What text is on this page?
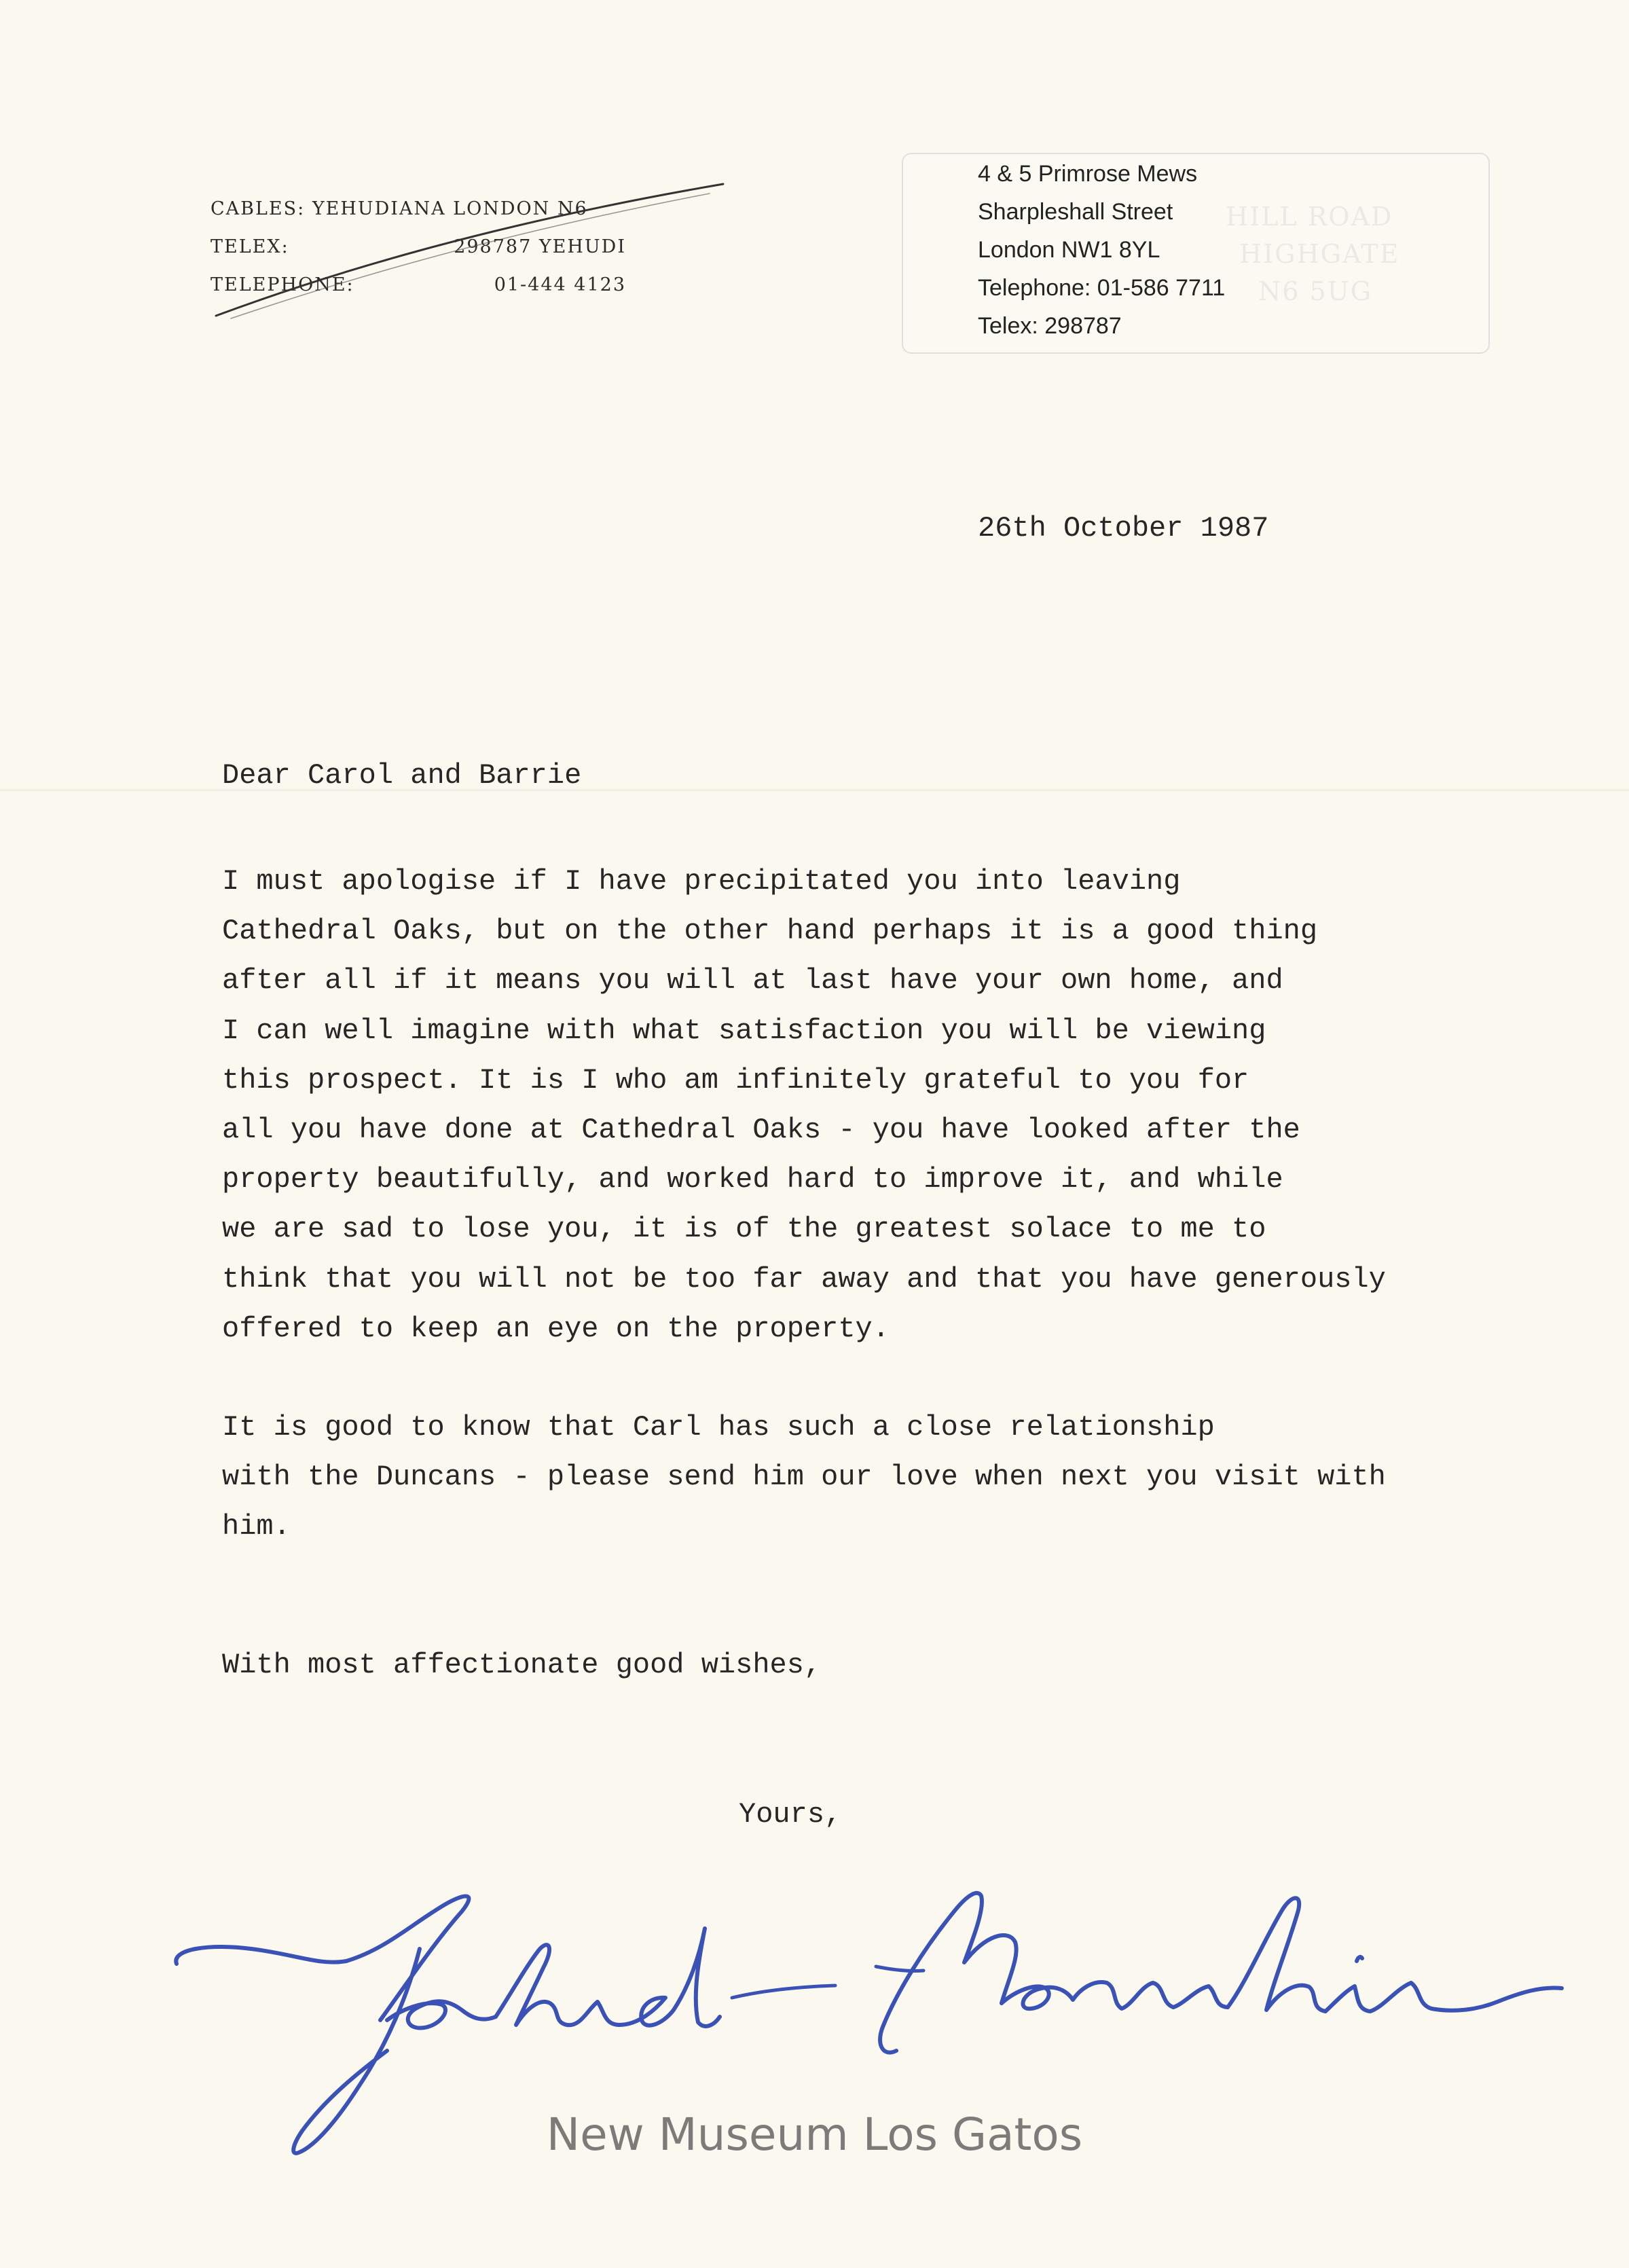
CABLES: YEHUDIANA LONDON N6
TELEX:	298787 YEHUDI
TELEPHONE:	01-444 4123
HILL ROAD
HIGHGATE
N6 5UG
4 & 5 Primrose Mews
Sharpleshall Street
London NW1 8YL
Telephone: 01-586 7711
Telex: 298787
26th October 1987
Dear Carol and Barrie
I must apologise if I have precipitated you into leaving
Cathedral Oaks, but on the other hand perhaps it is a good thing
after all if it means you will at last have your own home, and
I can well imagine with what satisfaction you will be viewing
this prospect. It is I who am infinitely grateful to you for
all you have done at Cathedral Oaks - you have looked after the
property beautifully, and worked hard to improve it, and while
we are sad to lose you, it is of the greatest solace to me to
think that you will not be too far away and that you have generously
offered to keep an eye on the property.
It is good to know that Carl has such a close relationship
with the Duncans - please send him our love when next you visit with
him.
With most affectionate good wishes,
Yours,
New Museum Los Gatos
